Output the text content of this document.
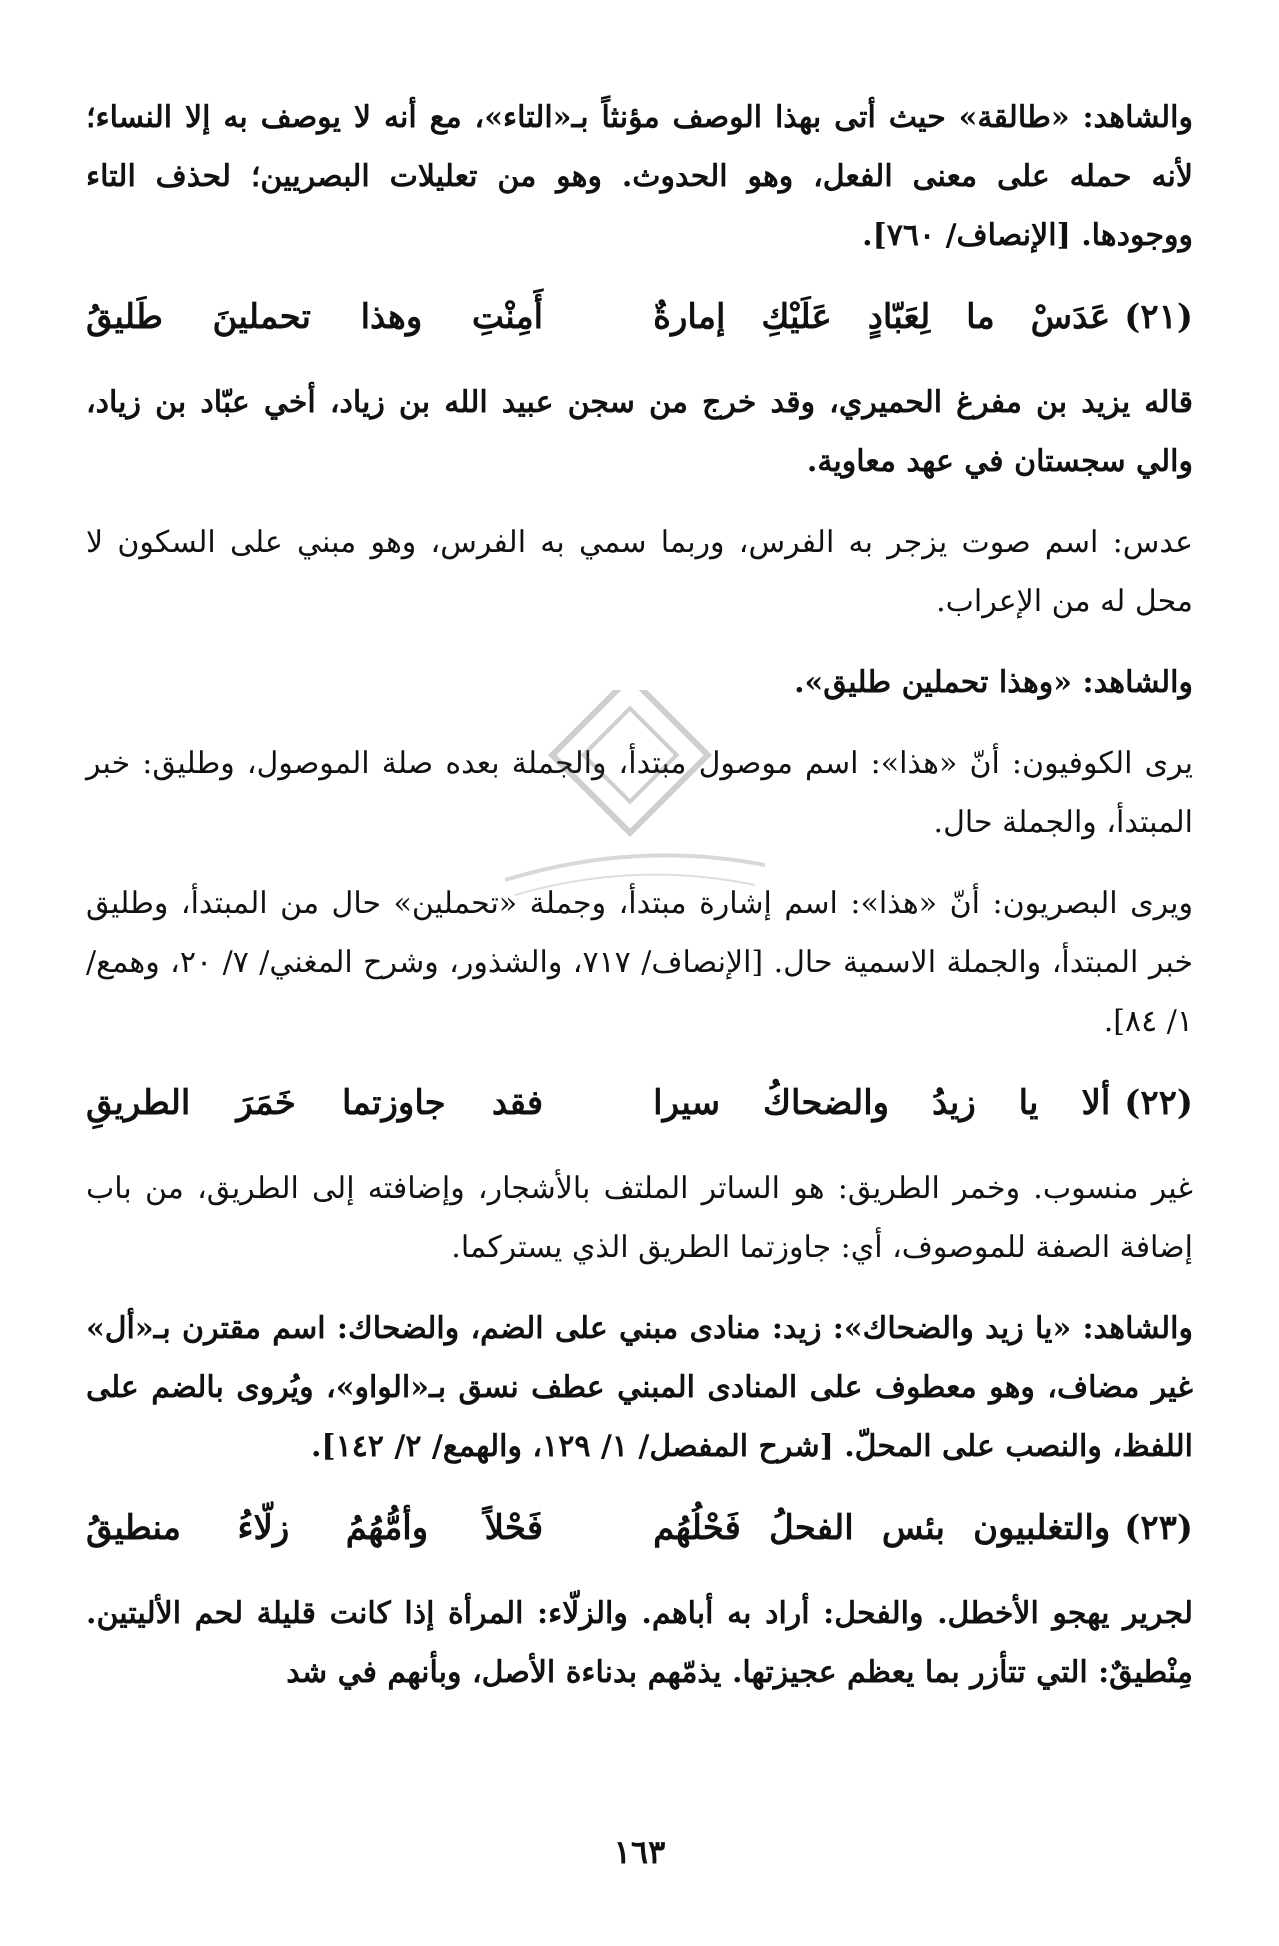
والشاهد: «طالقة» حيث أتى بهذا الوصف مؤنثاً بـ«التاء»، مع أنه لا يوصف به إلا النساء؛ لأنه حمله على معنى الفعل، وهو الحدوث. وهو من تعليلات البصريين؛ لحذف التاء ووجودها. [الإنصاف/ ٧٦٠].

(٢١)
عَدَسْ ما لِعَبّادٍ عَلَيْكِ إمارةٌ
أَمِنْتِ وهذا تحملينَ طَليقُ

قاله يزيد بن مفرغ الحميري، وقد خرج من سجن عبيد الله بن زياد، أخي عبّاد بن زياد، والي سجستان في عهد معاوية.

عدس: اسم صوت يزجر به الفرس، وربما سمي به الفرس، وهو مبني على السكون لا محل له من الإعراب.

والشاهد: «وهذا تحملين طليق».

يرى الكوفيون: أنّ «هذا»: اسم موصول مبتدأ، والجملة بعده صلة الموصول، وطليق: خبر المبتدأ، والجملة حال.

ويرى البصريون: أنّ «هذا»: اسم إشارة مبتدأ، وجملة «تحملين» حال من المبتدأ، وطليق خبر المبتدأ، والجملة الاسمية حال. [الإنصاف/ ٧١٧، والشذور، وشرح المغني/ ٧/ ٢٠، وهمع/ ١/ ٨٤].

(٢٢)
ألا يا زيدُ والضحاكُ سيرا
فقد جاوزتما خَمَرَ الطريقِ

غير منسوب. وخمر الطريق: هو الساتر الملتف بالأشجار، وإضافته إلى الطريق، من باب إضافة الصفة للموصوف، أي: جاوزتما الطريق الذي يستركما.

والشاهد: «يا زيد والضحاك»: زيد: منادى مبني على الضم، والضحاك: اسم مقترن بـ«أل» غير مضاف، وهو معطوف على المنادى المبني عطف نسق بـ«الواو»، ويُروى بالضم على اللفظ، والنصب على المحلّ. [شرح المفصل/ ١/ ١٢٩، والهمع/ ٢/ ١٤٢].

(٢٣)
والتغلبيون بئس الفحلُ فَحْلُهُم
فَحْلاً وأمُّهُمُ زلّاءُ منطيقُ

لجرير يهجو الأخطل. والفحل: أراد به أباهم. والزلّاء: المرأة إذا كانت قليلة لحم الأليتين. مِنْطيقٌ: التي تتأزر بما يعظم عجيزتها. يذمّهم بدناءة الأصل، وبأنهم في شد

١٦٣
